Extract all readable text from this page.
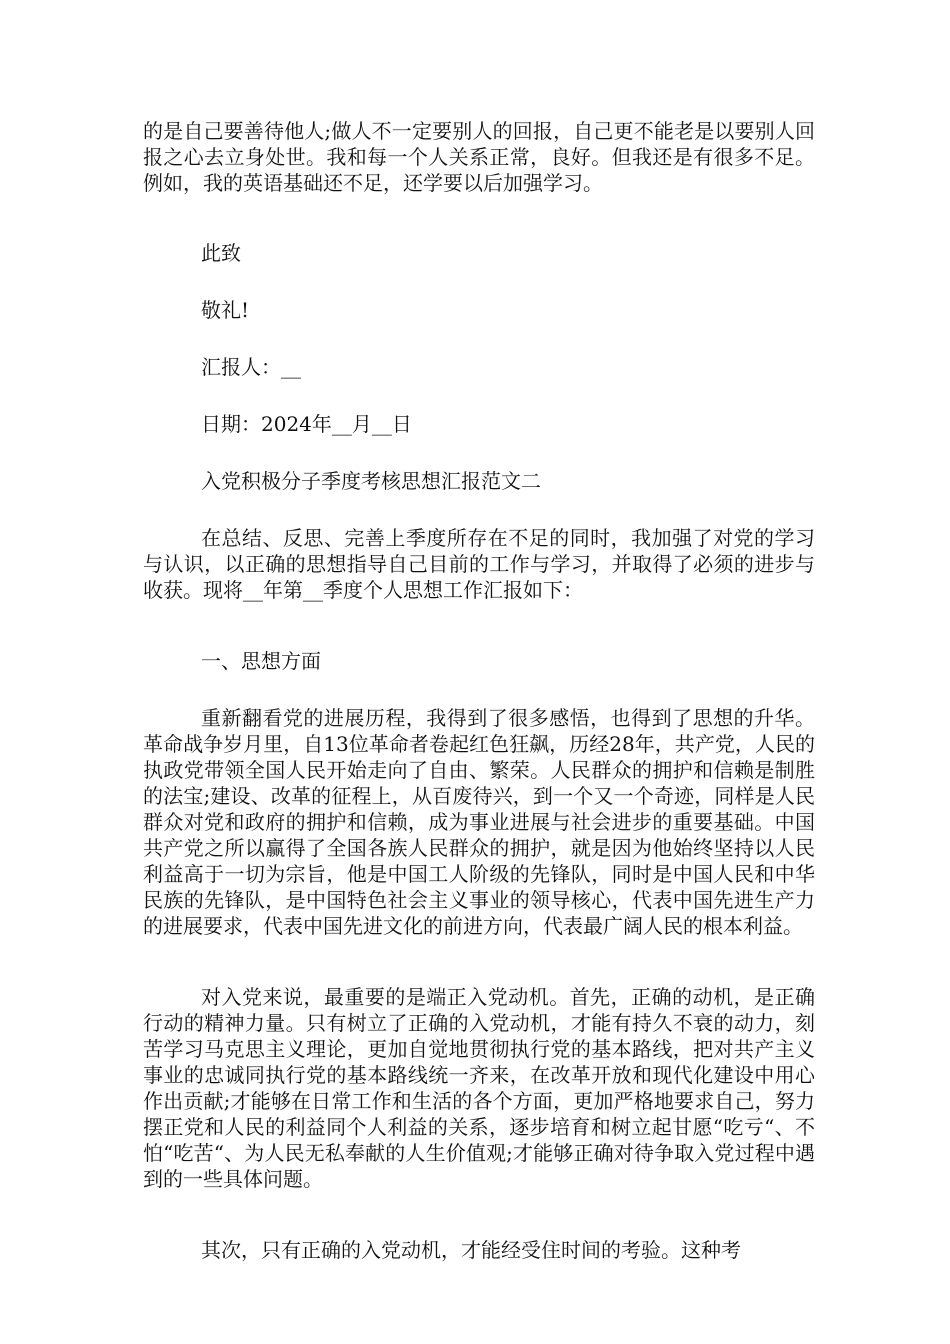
的是自己要善待他人;做人不一定要别人的回报，自己更不能老是以要别人回报之心去立身处世。我和每一个人关系正常，良好。但我还是有很多不足。例如，我的英语基础还不足，还学要以后加强学习。

此致

敬礼!

汇报人：__

日期：2024年__月__日

入党积极分子季度考核思想汇报范文二

在总结、反思、完善上季度所存在不足的同时，我加强了对党的学习与认识，以正确的思想指导自己目前的工作与学习，并取得了必须的进步与收获。现将__年第__季度个人思想工作汇报如下：

一、思想方面

重新翻看党的进展历程，我得到了很多感悟，也得到了思想的升华。革命战争岁月里，自13位革命者卷起红色狂飙，历经28年，共产党，人民的执政党带领全国人民开始走向了自由、繁荣。人民群众的拥护和信赖是制胜的法宝;建设、改革的征程上，从百废待兴，到一个又一个奇迹，同样是人民群众对党和政府的拥护和信赖，成为事业进展与社会进步的重要基础。中国共产党之所以赢得了全国各族人民群众的拥护，就是因为他始终坚持以人民利益高于一切为宗旨，他是中国工人阶级的先锋队，同时是中国人民和中华民族的先锋队，是中国特色社会主义事业的领导核心，代表中国先进生产力的进展要求，代表中国先进文化的前进方向，代表最广阔人民的根本利益。

对入党来说，最重要的是端正入党动机。首先，正确的动机，是正确行动的精神力量。只有树立了正确的入党动机，才能有持久不衰的动力，刻苦学习马克思主义理论，更加自觉地贯彻执行党的基本路线，把对共产主义事业的忠诚同执行党的基本路线统一齐来，在改革开放和现代化建设中用心作出贡献;才能够在日常工作和生活的各个方面，更加严格地要求自己，努力摆正党和人民的利益同个人利益的关系，逐步培育和树立起甘愿“吃亏“、不怕“吃苦“、为人民无私奉献的人生价值观;才能够正确对待争取入党过程中遇到的一些具体问题。

其次，只有正确的入党动机，才能经受住时间的考验。这种考
